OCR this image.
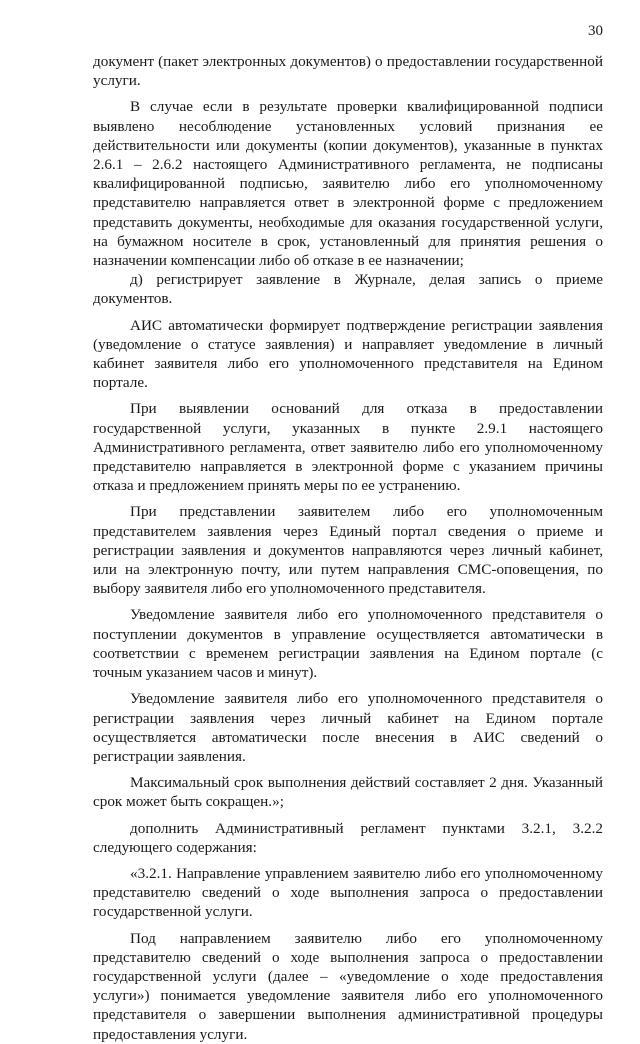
30

документ (пакет электронных документов) о предоставлении государственной услуги.

В случае если в результате проверки квалифицированной подписи выявлено несоблюдение установленных условий признания ее действительности или документы (копии документов), указанные в пунктах 2.6.1 – 2.6.2 настоящего Административного регламента, не подписаны квалифицированной подписью, заявителю либо его уполномоченному представителю направляется ответ в электронной форме с предложением представить документы, необходимые для оказания государственной услуги, на бумажном носителе в срок, установленный для принятия решения о назначении компенсации либо об отказе в ее назначении;

д) регистрирует заявление в Журнале, делая запись о приеме документов.

АИС автоматически формирует подтверждение регистрации заявления (уведомление о статусе заявления) и направляет уведомление в личный кабинет заявителя либо его уполномоченного представителя на Едином портале.

При выявлении оснований для отказа в предоставлении государственной услуги, указанных в пункте 2.9.1 настоящего Административного регламента, ответ заявителю либо его уполномоченному представителю направляется в электронной форме с указанием причины отказа и предложением принять меры по ее устранению.

При представлении заявителем либо его уполномоченным представителем заявления через Единый портал сведения о приеме и регистрации заявления и документов направляются через личный кабинет, или на электронную почту, или путем направления СМС-оповещения, по выбору заявителя либо его уполномоченного представителя.

Уведомление заявителя либо его уполномоченного представителя о поступлении документов в управление осуществляется автоматически в соответствии с временем регистрации заявления на Едином портале (с точным указанием часов и минут).

Уведомление заявителя либо его уполномоченного представителя о регистрации заявления через личный кабинет на Едином портале осуществляется автоматически после внесения в АИС сведений о регистрации заявления.

Максимальный срок выполнения действий составляет 2 дня. Указанный срок может быть сокращен.»;

дополнить Административный регламент пунктами 3.2.1, 3.2.2 следующего содержания:

«3.2.1. Направление управлением заявителю либо его уполномоченному представителю сведений о ходе выполнения запроса о предоставлении государственной услуги.

Под направлением заявителю либо его уполномоченному представителю сведений о ходе выполнения запроса о предоставлении государственной услуги (далее – «уведомление о ходе предоставления услуги») понимается уведомление заявителя либо его уполномоченного представителя о завершении выполнения административной процедуры предоставления услуги.
